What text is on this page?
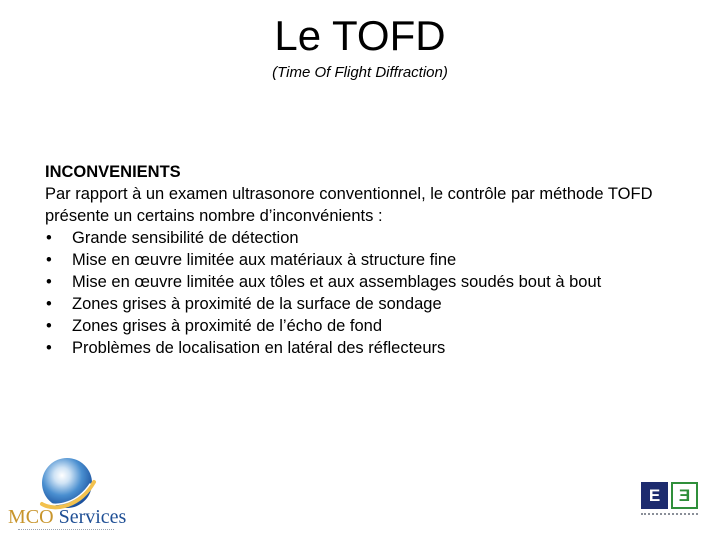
Le TOFD

(Time Of Flight Diffraction)

INCONVENIENTS

Par rapport à un examen ultrasonore conventionnel, le contrôle par méthode TOFD

présente un certains nombre d’inconvénients :

• Grande sensibilité de détection
• Mise en œuvre limitée aux matériaux à structure fine
• Mise en œuvre limitée aux tôles et aux assemblages soudés bout à bout
• Zones grises à proximité de la surface de sondage
• Zones grises à proximité de l’écho de fond
• Problèmes de localisation en latéral des réflecteurs
MCO Services
E	Ǝ
